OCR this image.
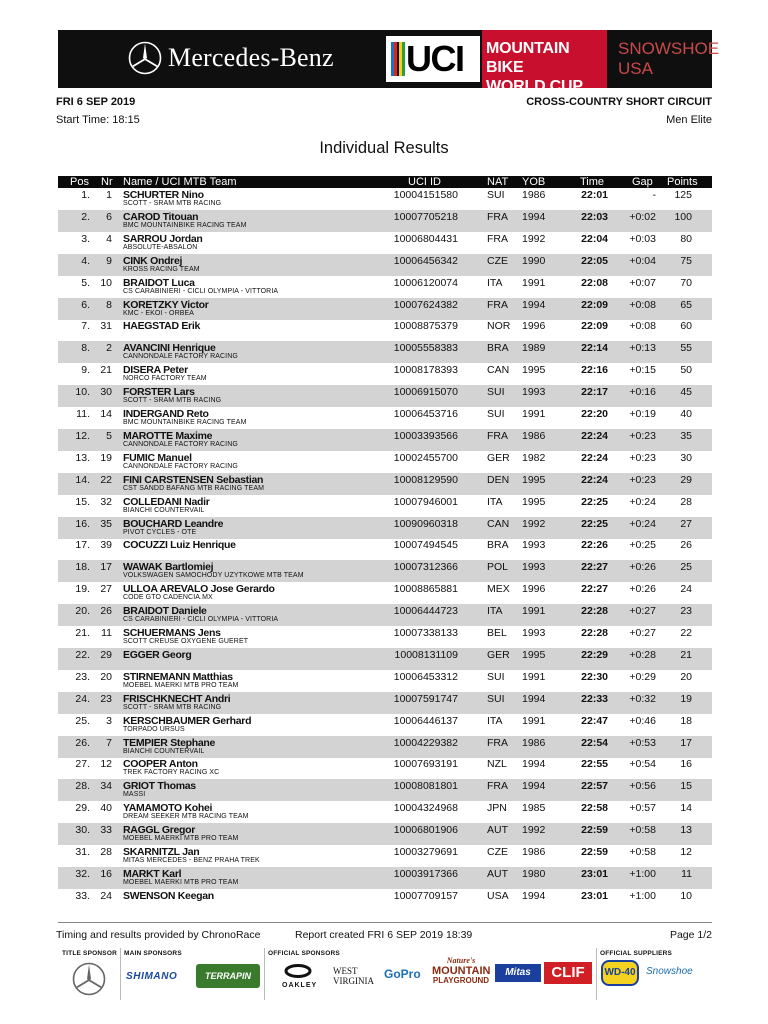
Mercedes-Benz UCI MOUNTAIN BIKE
WORLD CUP
SNOWSHOE
USA
FRI 6 SEP 2019
Start Time: 18:15
CROSS-COUNTRY SHORT CIRCUIT
Men Elite
Individual Results
Pos Nr Name / UCI MTB Team	UCI ID	NAT YOB	Time	Gap Points
1.	1 SCHURTER Nino	10004151580	SUI 1986	22:01	-	125
SCOTT - SRAM MTB RACING
2.	6 CAROD Titouan	10007705218	FRA 1994	22:03	+0:02	100
BMC MOUNTAINBIKE RACING TEAM
3.	4 SARROU Jordan	10006804431	FRA 1992	22:04	+0:03	80
ABSOLUTE-ABSALON
4.	9 CINK Ondrej	10006456342	CZE 1990	22:05	+0:04	75
KROSS RACING TEAM
5. 10 BRAIDOT Luca	10006120074	ITA 1991	22:08	+0:07	70
CS CARABINIERI - CICLI OLYMPIA - VITTORIA
6.	8 KORETZKY Victor	10007624382	FRA 1994	22:09	+0:08	65
KMC - EKOI - ORBEA
7. 31 HAEGSTAD Erik	10008875379	NOR 1996	22:09	+0:08	60
8.	2 AVANCINI Henrique	10005558383	BRA 1989	22:14	+0:13	55
CANNONDALE FACTORY RACING
9. 21 DISERA Peter	10008178393	CAN 1995	22:16	+0:15	50
NORCO FACTORY TEAM
10. 30 FORSTER Lars	10006915070	SUI 1993	22:17	+0:16	45
SCOTT - SRAM MTB RACING
11. 14 INDERGAND Reto	10006453716	SUI 1991	22:20	+0:19	40
BMC MOUNTAINBIKE RACING TEAM
12.	5 MAROTTE Maxime	10003393566	FRA 1986	22:24	+0:23	35
CANNONDALE FACTORY RACING
13. 19 FUMIC Manuel	10002455700	GER 1982	22:24	+0:23	30
CANNONDALE FACTORY RACING
14. 22 FINI CARSTENSEN Sebastian	10008129590	DEN 1995	22:24	+0:23	29
CST SANDD BAFANG MTB RACING TEAM
15. 32 COLLEDANI Nadir	10007946001	ITA 1995	22:25	+0:24	28
BIANCHI COUNTERVAIL
16. 35 BOUCHARD Leandre	10090960318	CAN 1992	22:25	+0:24	27
PIVOT CYCLES - OTE
17. 39 COCUZZI Luiz Henrique	10007494545	BRA 1993	22:26	+0:25	26
18. 17 WAWAK Bartlomiej	10007312366	POL 1993	22:27	+0:26	25
VOLKSWAGEN SAMOCHODY UZYTKOWE MTB TEAM
19. 27 ULLOA AREVALO Jose Gerardo	10008865881	MEX 1996	22:27	+0:26	24
CODE GTO CADENCIA.MX
20. 26 BRAIDOT Daniele	10006444723	ITA 1991	22:28	+0:27	23
CS CARABINIERI - CICLI OLYMPIA - VITTORIA
21.	11 SCHUERMANS Jens	10007338133	BEL 1993	22:28	+0:27	22
SCOTT CREUSE OXYGENE GUERET
22. 29 EGGER Georg	10008131109	GER 1995	22:29	+0:28	21
23. 20 STIRNEMANN Matthias	10006453312	SUI 1991	22:30	+0:29	20
MOEBEL MAERKI MTB PRO TEAM
24. 23 FRISCHKNECHT Andri	10007591747	SUI 1994	22:33	+0:32	19
SCOTT - SRAM MTB RACING
25.	3 KERSCHBAUMER Gerhard	10006446137	ITA 1991	22:47	+0:46	18
TORPADO URSUS
26.	7 TEMPIER Stephane	10004229382	FRA 1986	22:54	+0:53	17
BIANCHI COUNTERVAIL
27. 12 COOPER Anton	10007693191	NZL 1994	22:55	+0:54	16
TREK FACTORY RACING XC
28. 34 GRIOT Thomas	10008081801	FRA 1994	22:57	+0:56	15
MASSI
29. 40 YAMAMOTO Kohei	10004324968	JPN 1985	22:58	+0:57	14
DREAM SEEKER MTB RACING TEAM
30. 33 RAGGL Gregor	10006801906	AUT 1992	22:59	+0:58	13
MOEBEL MAERKI MTB PRO TEAM
31. 28 SKARNITZL Jan	10003279691	CZE 1986	22:59	+0:58	12
MITAS MERCEDES - BENZ PRAHA TREK
32. 16 MARKT Karl	10003917366	AUT 1980	23:01	+1:00	11
MOEBEL MAERKI MTB PRO TEAM
33. 24 SWENSON Keegan	10007709157	USA 1994	23:01	+1:00	10
Timing and results provided by ChronoRace	Report created FRI 6 SEP 2019 18:39	Page 1/2
TITLE SPONSOR MAIN SPONSORS	OFFICIAL SPONSORS	OFFICIAL SUPPLIERS
SHIMANO	TERRAPIN
OAKLEY
WEST
VIRGINIA GoPro
Nature's
MOUNTAIN
PLAYGROUND
Mitas	CLIF	WD-40	Snowshoe
